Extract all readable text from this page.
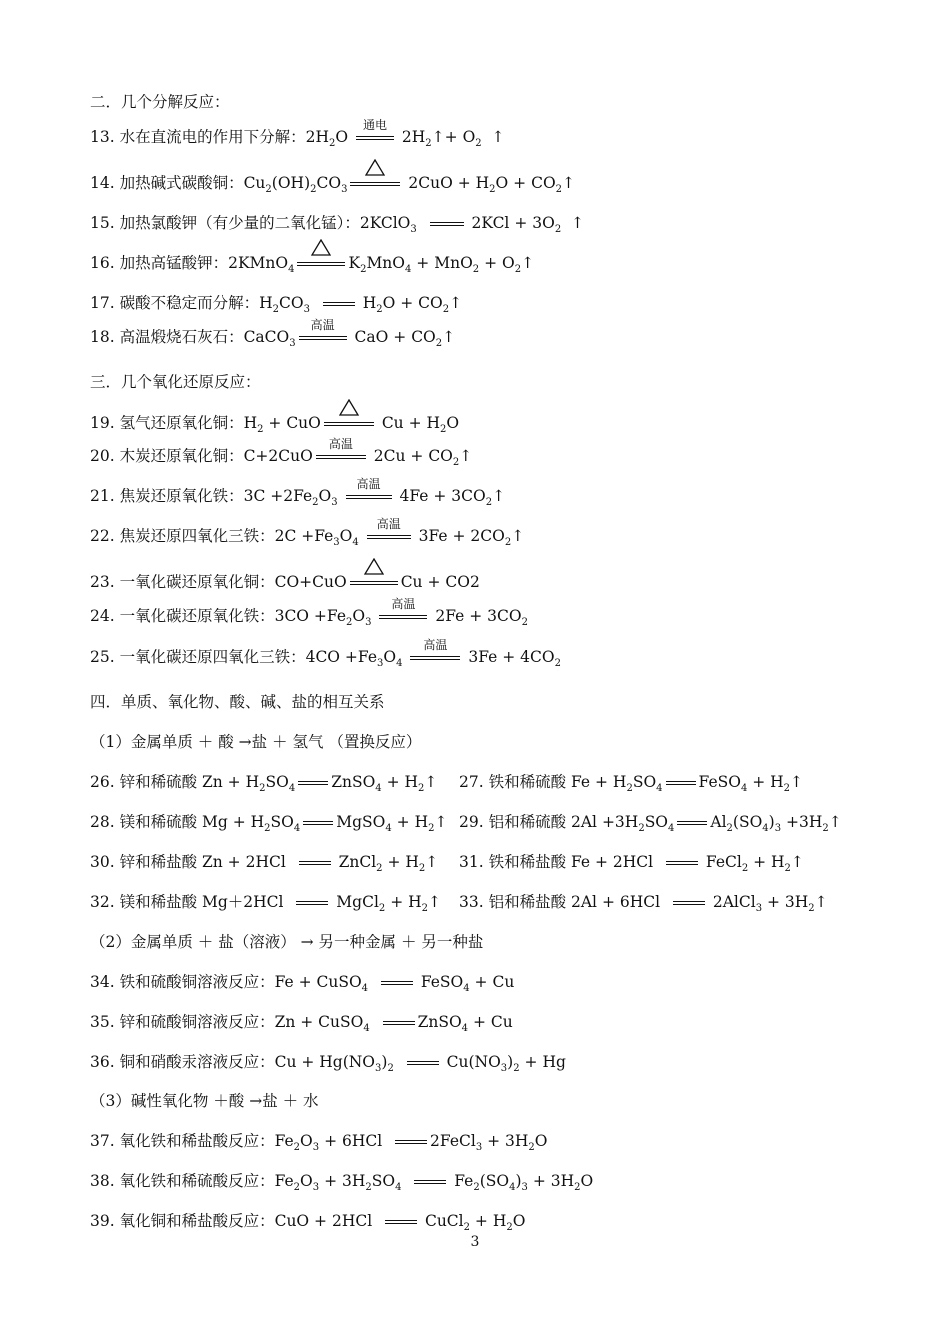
二．几个分解反应：
13. 水在直流电的作用下分解：$2H_2O$
通电
$2H_2↑+ O_2$  ↑
14. 加热碱式碳酸铜：$Cu_2(OH)_2CO_3$	$2CuO + H_2O$ + $CO_2↑$
15. 加热氯酸钾（有少量的二氧化锰）：2KClO$_3$	$2KCl + 3O_2$  ↑
16. 加热高锰酸钾：2KMnO$_4$	$K_2MnO_4 + MnO_2$ + $O_2↑$
17. 碳酸不稳定而分解：$H_2CO_3$	$H_2O$ + $CO_2↑$
18. 高温煅烧石灰石：CaCO$_3$
高温
CaO + $CO_2↑$
三．几个氧化还原反应：
19. 氢气还原氧化铜：$H_2$ + CuO	$Cu + H_2O$
20. 木炭还原氧化铜：C+2CuO
高温
$2Cu + CO_2↑$
21. 焦炭还原氧化铁：$3C +2Fe_2O_3$
高温
$4Fe + 3CO_2↑$
22. 焦炭还原四氧化三铁：$2C +Fe_3O_4$
高温
$3Fe + 2CO_2↑$
23. 一氧化碳还原氧化铜：CO+CuO	Cu + CO2
24. 一氧化碳还原氧化铁：$3CO +Fe_2O_3$
高温
$2Fe + 3CO_2$
25. 一氧化碳还原四氧化三铁：$4CO +Fe_3O_4$
高温
$3Fe + 4CO_2$
四．单质、氧化物、酸、碱、盐的相互关系
（1）金属单质 ＋ 酸 →盐 ＋ 氢气 （置换反应）
26. 锌和稀硫酸 $Zn + H_2SO_4$ ZnSO$_4$ + $H_2↑$ 27. 铁和稀硫酸 $Fe + H_2SO_4$ FeSO$_4$ + $H_2↑$
28. 镁和稀硫酸 $Mg + H_2SO_4$ MgSO$_4$ + $H_2↑$ 29. 铝和稀硫酸 $2Al +3H_2SO_4$ $Al_2(SO_4)_3$ $+3H_2↑$
30. 锌和稀盐酸 Zn + 2HCl
ZnCl$_2$ + $H_2↑$ 31. 铁和稀盐酸 Fe + 2HCl
FeCl$_2$ + $H_2↑$
32. 镁和稀盐酸 Mg＋2HCl
MgCl$_2$ + $H_2↑$ 33. 铝和稀盐酸 2Al + 6HCl
2AlCl$_3$ + $3H_2↑$
（2）金属单质 ＋ 盐（溶液） → 另一种金属 ＋ 另一种盐
34. 铁和硫酸铜溶液反应：Fe + CuSO$_4$	FeSO$_4$ + Cu
35. 锌和硫酸铜溶液反应：Zn + CuSO$_4$	ZnSO$_4$ + Cu
36. 铜和硝酸汞溶液反应：$Cu + Hg(NO_3)_2$	$Cu(NO_3)_2 + Hg$
（3）碱性氧化物 ＋酸 →盐 ＋ 水
37. 氧化铁和稀盐酸反应：$Fe_2O_3 + 6HCl$
2FeCl$_3$ + $3H_2O$
38. 氧化铁和稀硫酸反应：$Fe_2O_3 + 3H_2SO_4$	$Fe_2(SO_4)_3 + 3H_2O$
39. 氧化铜和稀盐酸反应：CuO + 2HCl
CuCl$_2$ + $H_2O$
3
